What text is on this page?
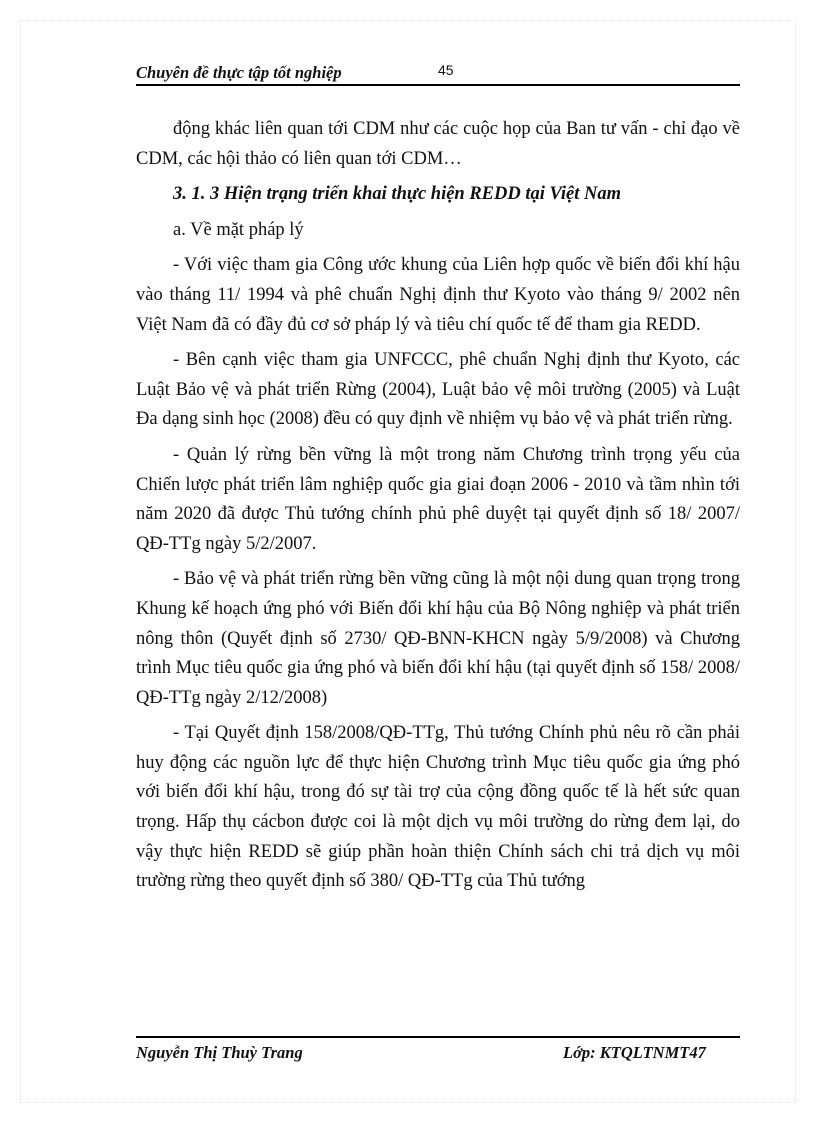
Chuyên đề thực tập tốt nghiệp	45

động khác liên quan tới CDM như các cuộc họp của Ban tư vấn - chỉ đạo về CDM, các hội thảo có liên quan tới CDM…

3. 1. 3 Hiện trạng triển khai thực hiện REDD tại Việt Nam

a. Về mặt pháp lý

- Với việc tham gia Công ước khung của Liên hợp quốc về biến đổi khí hậu vào tháng 11/ 1994 và phê chuẩn Nghị định thư Kyoto vào tháng 9/ 2002 nên Việt Nam đã có đầy đủ cơ sở pháp lý và tiêu chí quốc tế để tham gia REDD.

- Bên cạnh việc tham gia UNFCCC, phê chuẩn Nghị định thư Kyoto, các Luật Bảo vệ và phát triển Rừng (2004), Luật bảo vệ môi trường (2005) và Luật Đa dạng sinh học (2008) đều có quy định về nhiệm vụ bảo vệ và phát triển rừng.

- Quản lý rừng bền vững là một trong năm Chương trình trọng yếu của Chiến lược phát triển lâm nghiệp quốc gia giai đoạn 2006 - 2010 và tầm nhìn tới năm 2020 đã được Thủ tướng chính phủ phê duyệt tại quyết định số 18/ 2007/ QĐ-TTg ngày 5/2/2007.

- Bảo vệ và phát triển rừng bền vững cũng là một nội dung quan trọng trong Khung kế hoạch ứng phó với Biến đổi khí hậu của Bộ Nông nghiệp và phát triển nông thôn (Quyết định số 2730/ QĐ-BNN-KHCN ngày 5/9/2008) và Chương trình Mục tiêu quốc gia ứng phó và biến đổi khí hậu (tại quyết định số 158/ 2008/ QĐ-TTg ngày 2/12/2008)

- Tại Quyết định 158/2008/QĐ-TTg, Thủ tướng Chính phủ nêu rõ cần phải huy động các nguồn lực để thực hiện Chương trình Mục tiêu quốc gia ứng phó với biến đổi khí hậu, trong đó sự tài trợ của cộng đồng quốc tế là hết sức quan trọng. Hấp thụ cácbon được coi là một dịch vụ môi trường do rừng đem lại, do vậy thực hiện REDD sẽ giúp phần hoàn thiện Chính sách chi trả dịch vụ môi trường rừng theo quyết định số 380/ QĐ-TTg của Thủ tướng

Nguyễn Thị Thuỳ Trang	Lớp: KTQLTNMT47
